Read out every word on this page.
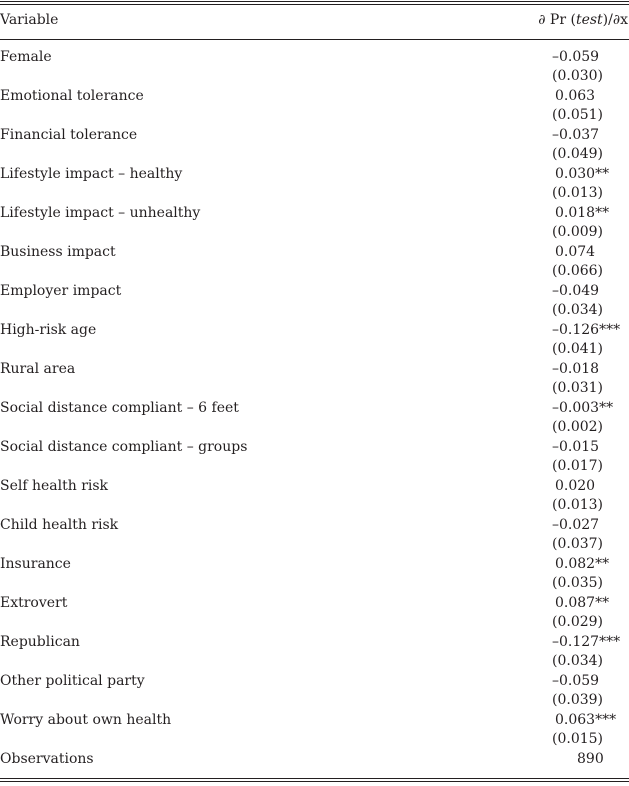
Variable	∂ Pr (test)/∂x
Female	–0.059
(0.030)
Emotional tolerance	0.063
(0.051)
Financial tolerance	–0.037
(0.049)
Lifestyle impact – healthy	0.030**
(0.013)
Lifestyle impact – unhealthy	0.018**
(0.009)
Business impact	0.074
(0.066)
Employer impact	–0.049
(0.034)
High-risk age	–0.126***
(0.041)
Rural area	–0.018
(0.031)
Social distance compliant – 6 feet	–0.003**
(0.002)
Social distance compliant – groups	–0.015
(0.017)
Self health risk	0.020
(0.013)
Child health risk	–0.027
(0.037)
Insurance	0.082**
(0.035)
Extrovert	0.087**
(0.029)
Republican	–0.127***
(0.034)
Other political party	–0.059
(0.039)
Worry about own health	0.063***
(0.015)
Observations	890
